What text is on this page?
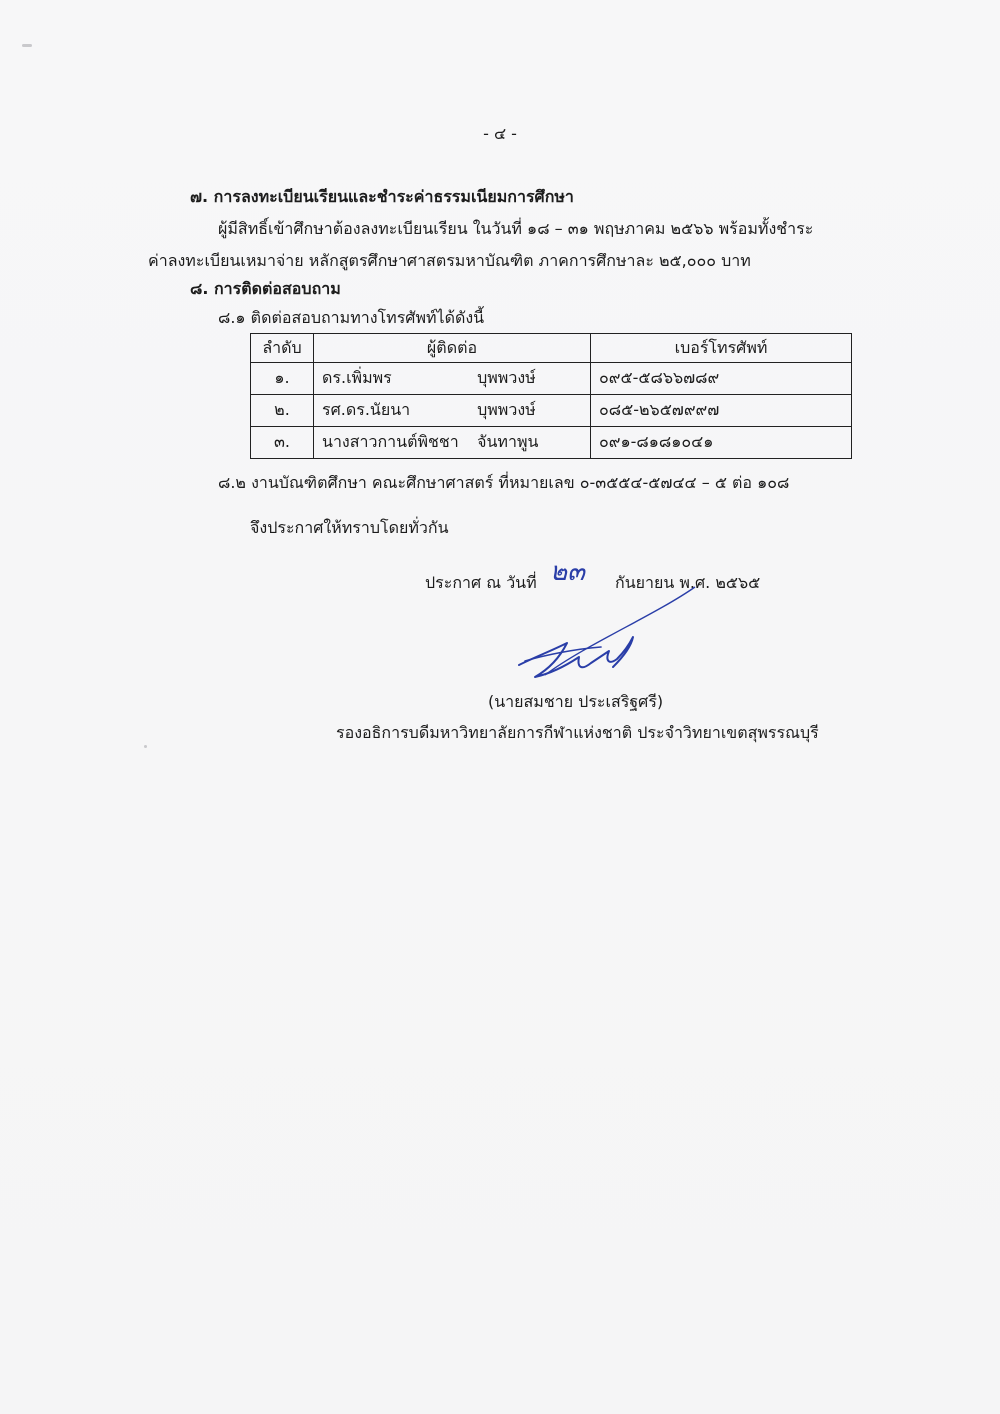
- ๔ -
๗. การลงทะเบียนเรียนและชำระค่าธรรมเนียมการศึกษา
ผู้มีสิทธิ์เข้าศึกษาต้องลงทะเบียนเรียน ในวันที่ ๑๘ – ๓๑ พฤษภาคม ๒๕๖๖ พร้อมทั้งชำระ
ค่าลงทะเบียนเหมาจ่าย หลักสูตรศึกษาศาสตรมหาบัณฑิต ภาคการศึกษาละ ๒๕,๐๐๐ บาท
๘. การติดต่อสอบถาม
๘.๑ ติดต่อสอบถามทางโทรศัพท์ได้ดังนี้
ลำดับ	ผู้ติดต่อ	เบอร์โทรศัพท์
๑.	ดร.เพิ่มพร บุพพวงษ์	๐๙๕-๕๘๖๖๗๘๙
๒.	รศ.ดร.นัยนา บุพพวงษ์	๐๘๕-๒๖๕๗๙๙๗
๓.	นางสาวกานต์พิชชา จันทาพูน	๐๙๑-๘๑๘๑๐๔๑
๘.๒ งานบัณฑิตศึกษา คณะศึกษาศาสตร์ ที่หมายเลข ๐-๓๕๕๔-๕๗๔๔ – ๕ ต่อ ๑๐๘
จึงประกาศให้ทราบโดยทั่วกัน
ประกาศ ณ วันที่ ๒๓ กันยายน พ.ศ. ๒๕๖๕
(นายสมชาย ประเสริฐศรี)
รองอธิการบดีมหาวิทยาลัยการกีฬาแห่งชาติ ประจำวิทยาเขตสุพรรณบุรี
